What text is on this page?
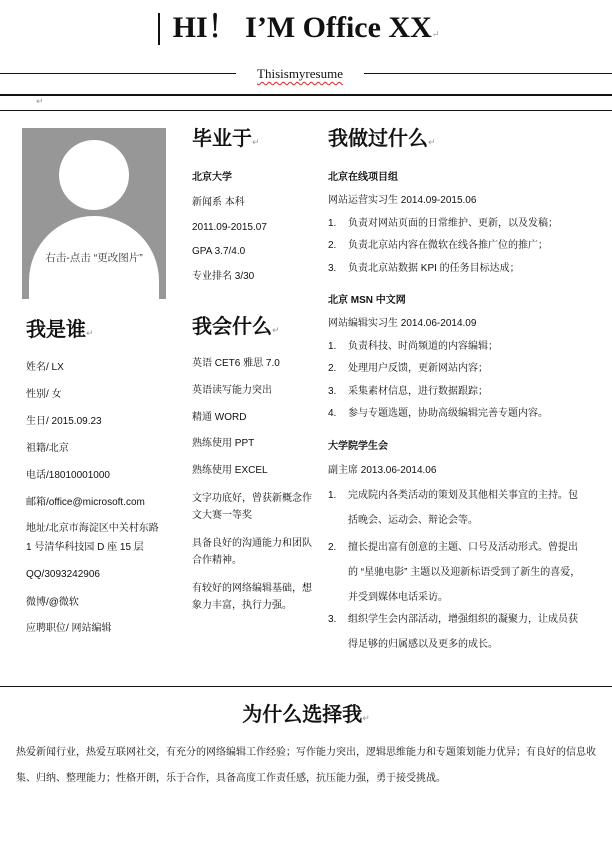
HI！ I’M Office XX↵
Thisismyresume
↵
右击-点击 “更改图片”
我是谁↵
姓名/ LX
性别/ 女
生日/ 2015.09.23
祖籍/北京
电话/18010001000
邮箱/office@microsoft.com
地址/北京市海淀区中关村东路
1 号清华科技园 D 座 15 层
QQ/3093242906
微博/@微软
应聘职位/ 网站编辑
毕业于↵
北京大学
新闻系 本科
2011.09-2015.07
GPA 3.7/4.0
专业排名 3/30
我会什么↵
英语 CET6 雅思 7.0
英语读写能力突出
精通 WORD
熟练使用 PPT
熟练使用 EXCEL
文字功底好，曾获新概念作文大赛一等奖
具备良好的沟通能力和团队合作精神。
有较好的网络编辑基础，想象力丰富，执行力强。
我做过什么↵
北京在线项目组
网站运营实习生 2014.09-2015.06
1. 负责对网站页面的日常维护、更新，以及发稿；
2. 负责北京站内容在微软在线各推广位的推广；
3. 负责北京站数据 KPI 的任务目标达成；
北京 MSN 中文网
网站编辑实习生 2014.06-2014.09
1. 负责科技、时尚频道的内容编辑；
2. 处理用户反馈，更新网站内容；
3. 采集素材信息，进行数据跟踪；
4. 参与专题选题，协助高级编辑完善专题内容。
大学院学生会
副主席 2013.06-2014.06
1. 完成院内各类活动的策划及其他相关事宜的主持。包括晚会、运动会、辩论会等。
2. 擅长提出富有创意的主题、口号及活动形式。曾提出的 “星驰电影” 主题以及迎新标语受到了新生的喜爱，并受到媒体电话采访。
3. 组织学生会内部活动，增强组织的凝聚力，让成员获得足够的归属感以及更多的成长。
为什么选择我↵
热爱新闻行业，热爱互联网社交，有充分的网络编辑工作经验；写作能力突出，逻辑思维能力和专题策划能力优异；有良好的信息收集、归纳、整理能力；性格开朗，乐于合作，具备高度工作责任感，抗压能力强，勇于接受挑战。
